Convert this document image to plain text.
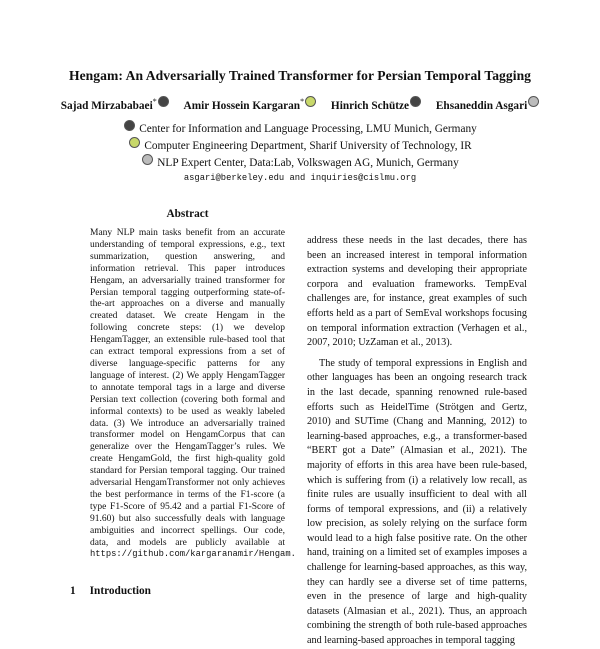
Hengam: An Adversarially Trained Transformer for Persian Temporal Tagging
Sajad Mirzababaei* Amir Hossein Kargaran* Hinrich Schütze Ehsaneddin Asgari
Center for Information and Language Processing, LMU Munich, Germany
Computer Engineering Department, Sharif University of Technology, IR
NLP Expert Center, Data:Lab, Volkswagen AG, Munich, Germany
asgari@berkeley.edu and inquiries@cislmu.org
Abstract
Many NLP main tasks benefit from an accurate understanding of temporal expressions, e.g., text summarization, question answering, and information retrieval. This paper introduces Hengam, an adversarially trained transformer for Persian temporal tagging outperforming state-of-the-art approaches on a diverse and manually created dataset. We create Hengam in the following concrete steps: (1) we develop HengamTagger, an extensible rule-based tool that can extract temporal expressions from a set of diverse language-specific patterns for any language of interest. (2) We apply HengamTagger to annotate temporal tags in a large and diverse Persian text collection (covering both formal and informal contexts) to be used as weakly labeled data. (3) We introduce an adversarially trained transformer model on HengamCorpus that can generalize over the HengamTagger’s rules. We create HengamGold, the first high-quality gold standard for Persian temporal tagging. Our trained adversarial HengamTransformer not only achieves the best performance in terms of the F1-score (a type F1-Score of 95.42 and a partial F1-Score of 91.60) but also successfully deals with language ambiguities and incorrect spellings. Our code, data, and models are publicly available at https://github.com/kargaranamir/Hengam.

address these needs in the last decades, there has been an increased interest in temporal information extraction systems and developing their appropriate corpora and evaluation frameworks. TempEval challenges are, for instance, great examples of such efforts held as a part of SemEval workshops focusing on temporal information extraction (Verhagen et al., 2007, 2010; UzZaman et al., 2013).

The study of temporal expressions in English and other languages has been an ongoing research track in the last decade, spanning renowned rule-based efforts such as HeidelTime (Strötgen and Gertz, 2010) and SUTime (Chang and Manning, 2012) to learning-based approaches, e.g., a transformer-based “BERT got a Date” (Almasian et al., 2021). The majority of efforts in this area have been rule-based, which is suffering from (i) a relatively low recall, as finite rules are usually insufficient to deal with all forms of temporal expressions, and (ii) a relatively low precision, as solely relying on the surface form would lead to a high false positive rate. On the other hand, training on a limited set of examples imposes a challenge for learning-based approaches, as this way, they can hardly see a diverse set of time patterns, even in the presence of large and high-quality datasets (Almasian et al., 2021). Thus, an approach combining the strength of both rule-based approaches and learning-based approaches in temporal tagging

1 Introduction
